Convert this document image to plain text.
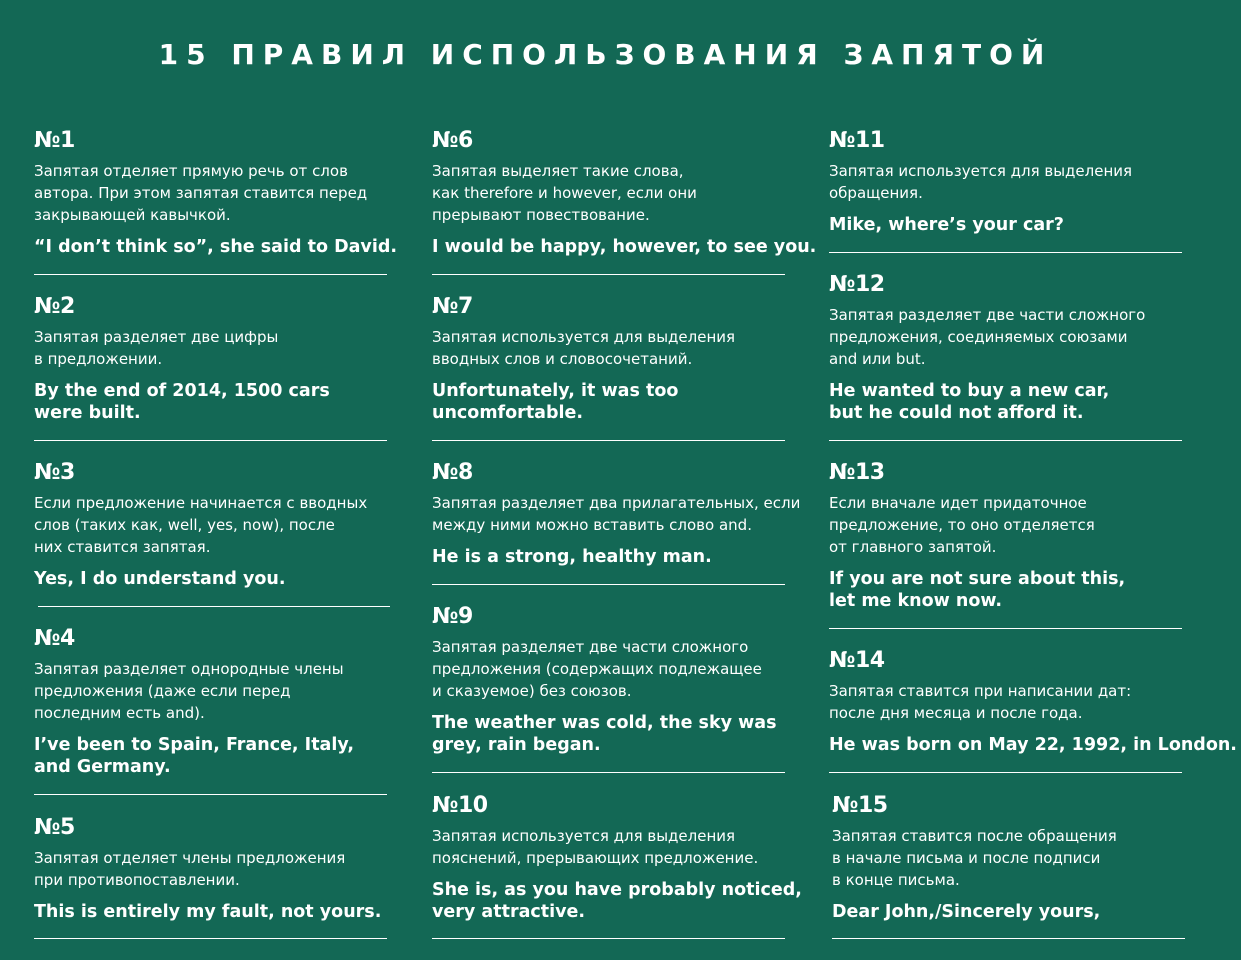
15 ПРАВИЛ ИСПОЛЬЗОВАНИЯ ЗАПЯТОЙ
№1
Запятая отделяет прямую речь от слов
автора. При этом запятая ставится перед
закрывающей кавычкой.
“I don’t think so”, she said to David.
№2
Запятая разделяет две цифры
в предложении.
By the end of 2014, 1500 cars
were built.
№3
Если предложение начинается с вводных
слов (таких как, well, yes, now), после
них ставится запятая.
Yes, I do understand you.
№4
Запятая разделяет однородные члены
предложения (даже если перед
последним есть and).
I’ve been to Spain, France, Italy,
and Germany.
№5
Запятая отделяет члены предложения
при противопоставлении.
This is entirely my fault, not yours.
№6
Запятая выделяет такие слова,
как therefore и however, если они
прерывают повествование.
I would be happy, however, to see you.
№7
Запятая используется для выделения
вводных слов и словосочетаний.
Unfortunately, it was too
uncomfortable.
№8
Запятая разделяет два прилагательных, если
между ними можно вставить слово and.
He is a strong, healthy man.
№9
Запятая разделяет две части сложного
предложения (содержащих подлежащее
и сказуемое) без союзов.
The weather was cold, the sky was
grey, rain began.
№10
Запятая используется для выделения
пояснений, прерывающих предложение.
She is, as you have probably noticed,
very attractive.
№11
Запятая используется для выделения
обращения.
Mike, where’s your car?
№12
Запятая разделяет две части сложного
предложения, соединяемых союзами
and или but.
He wanted to buy a new car,
but he could not afford it.
№13
Если вначале идет придаточное
предложение, то оно отделяется
от главного запятой.
If you are not sure about this,
let me know now.
№14
Запятая ставится при написании дат:
после дня месяца и после года.
He was born on May 22, 1992, in London.
№15
Запятая ставится после обращения
в начале письма и после подписи
в конце письма.
Dear John,/Sincerely yours,
